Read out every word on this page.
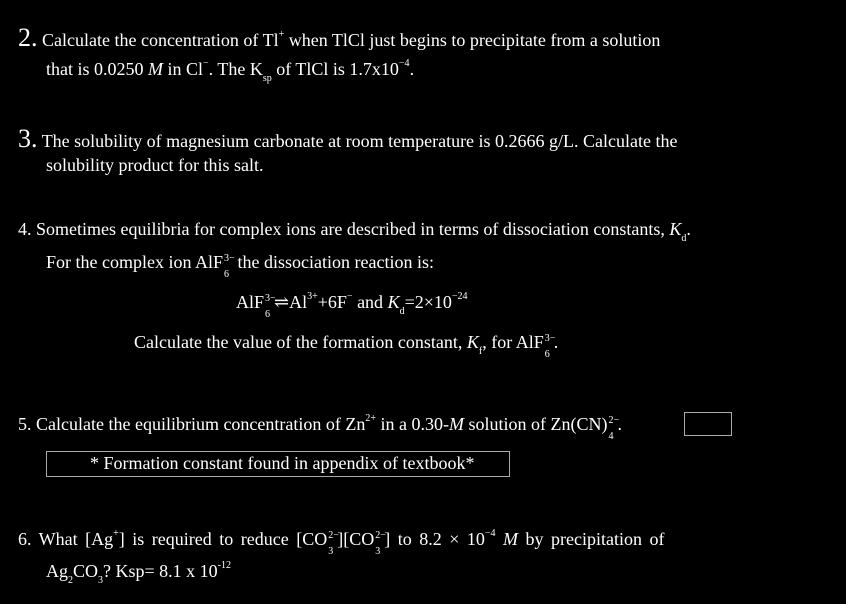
2. Calculate the concentration of Tl+ when TlCl just begins to precipitate from a solution
that is 0.0250 M in Cl−. The $K_{sp}$ of TlCl is $1.7x10^{-4}$.
3. The solubility of magnesium carbonate at room temperature is 0.2666 g/L. Calculate the
solubility product for this salt.
4. Sometimes equilibria for complex ions are described in terms of dissociation constants, $K_d$.
For the complex ion AlF 3−
6
the dissociation reaction is:
AlF 3−
6
$\rightleftharpoons Al^{3+}+6F^-$ and $K_d=2\times 10^{-24}$
Calculate the value of the formation constant, $K_f$, for AlF 3−
6
.
5. Calculate the equilibrium concentration of $Zn^{2+}$ in a 0.30-M solution of Zn(CN) 2−
4
.
* Formation constant found in appendix of textbook*
6. What [Ag+] is required to reduce [CO 2−
3
][CO 2−
3
] to $8.2 \times 10^{-4}$ M by precipitation of
$Ag_2CO_3$? Ksp= 8.1 x $10^{-12}$
